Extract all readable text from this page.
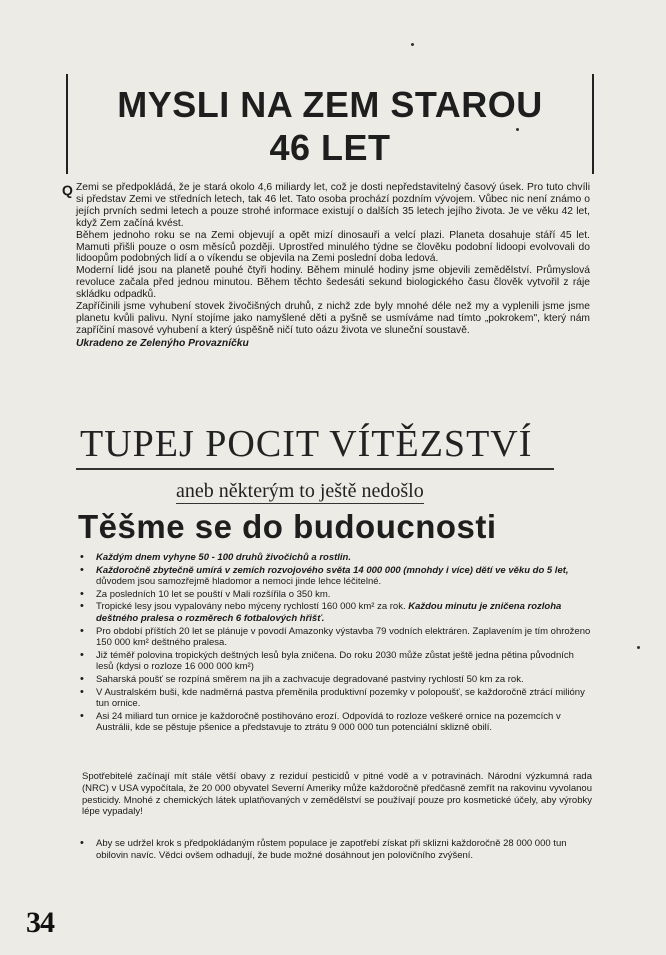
MYSLI NA ZEM STAROU
46 LET
Q Zemi se předpokládá, že je stará okolo 4,6 miliardy let, což je dosti nepředstavitelný časový úsek. Pro tuto chvíli si představ Zemi ve středních letech, tak 46 let. Tato osoba prochází pozdním vývojem. Vůbec nic není známo o jejích prvních sedmi letech a pouze strohé informace existují o dalších 35 letech jejího života. Je ve věku 42 let, když Zem začíná kvést.

Během jednoho roku se na Zemi objevují a opět mizí dinosauři a velcí plazi. Planeta dosahuje stáří 45 let. Mamuti přišli pouze o osm měsíců později. Uprostřed minulého týdne se člověku podobní lidoopi evolvovali do lidoopům podobných lidí a o víkendu se objevila na Zemi poslední doba ledová.

Moderní lidé jsou na planetě pouhé čtyři hodiny. Během minulé hodiny jsme objevili zemědělství. Průmyslová revoluce začala před jednou minutou. Během těchto šedesáti sekund biologického času člověk vytvořil z ráje skládku odpadků.

Zapříčinili jsme vyhubení stovek živočišných druhů, z nichž zde byly mnohé déle než my a vyplenili jsme jsme planetu kvůli palivu. Nyní stojíme jako namyšlené děti a pyšně se usmíváme nad tímto „pokrokem", který nám zapříčiní masové vyhubení a který úspěšně ničí tuto oázu života ve sluneční soustavě.

Ukradeno ze Zelenýho Provazníčku

TUPEJ POCIT VÍTĚZSTVÍ
aneb některým to ještě nedošlo
Těšme se do budoucnosti
• Každým dnem vyhyne 50 - 100 druhů živočichů a rostlin.
• Každoročně zbytečně umírá v zemích rozvojového světa 14 000 000 (mnohdy i více) dětí ve věku do 5 let, důvodem jsou samozřejmě hladomor a nemoci jinde lehce léčitelné.
• Za posledních 10 let se pouští v Mali rozšířila o 350 km.
• Tropické lesy jsou vypalovány nebo mýceny rychlostí 160 000 km² za rok. Každou minutu je zničena rozloha deštného pralesa o rozměrech 6 fotbalových hřišť.
• Pro období příštích 20 let se plánuje v povodí Amazonky výstavba 79 vodních elektráren. Zaplavením je tím ohroženo 150 000 km² deštného pralesa.
• Již téměř polovina tropických deštných lesů byla zničena. Do roku 2030 může zůstat ještě jedna pětina původních lesů (kdysi o rozloze 16 000 000 km²)
• Saharská poušť se rozpíná směrem na jih a zachvacuje degradované pastviny rychlostí 50 km za rok.
• V Australském buši, kde nadměrná pastva přeměnila produktivní pozemky v polopoušť, se každoročně ztrácí milióny tun ornice.
• Asi 24 miliard tun ornice je každoročně postihováno erozí. Odpovídá to rozloze veškeré ornice na pozemcích v Austrálii, kde se pěstuje pšenice a představuje to ztrátu 9 000 000 tun potenciální sklizně obilí.

Spotřebitelé začínají mít stále větší obavy z reziduí pesticidů v pitné vodě a v potravinách. Národní výzkumná rada (NRC) v USA vypočítala, že 20 000 obyvatel Severní Ameriky může každoročně předčasně zemřít na rakovinu vyvolanou pesticidy. Mnohé z chemických látek uplatňovaných v zemědělství se používají pouze pro kosmetické účely, aby výrobky lépe vypadaly!

• Aby se udržel krok s předpokládaným růstem populace je zapotřebí získat při sklizni každoročně 28 000 000 tun obilovin navíc. Vědci ovšem odhadují, že bude možné dosáhnout jen polovičního zvýšení.
34
